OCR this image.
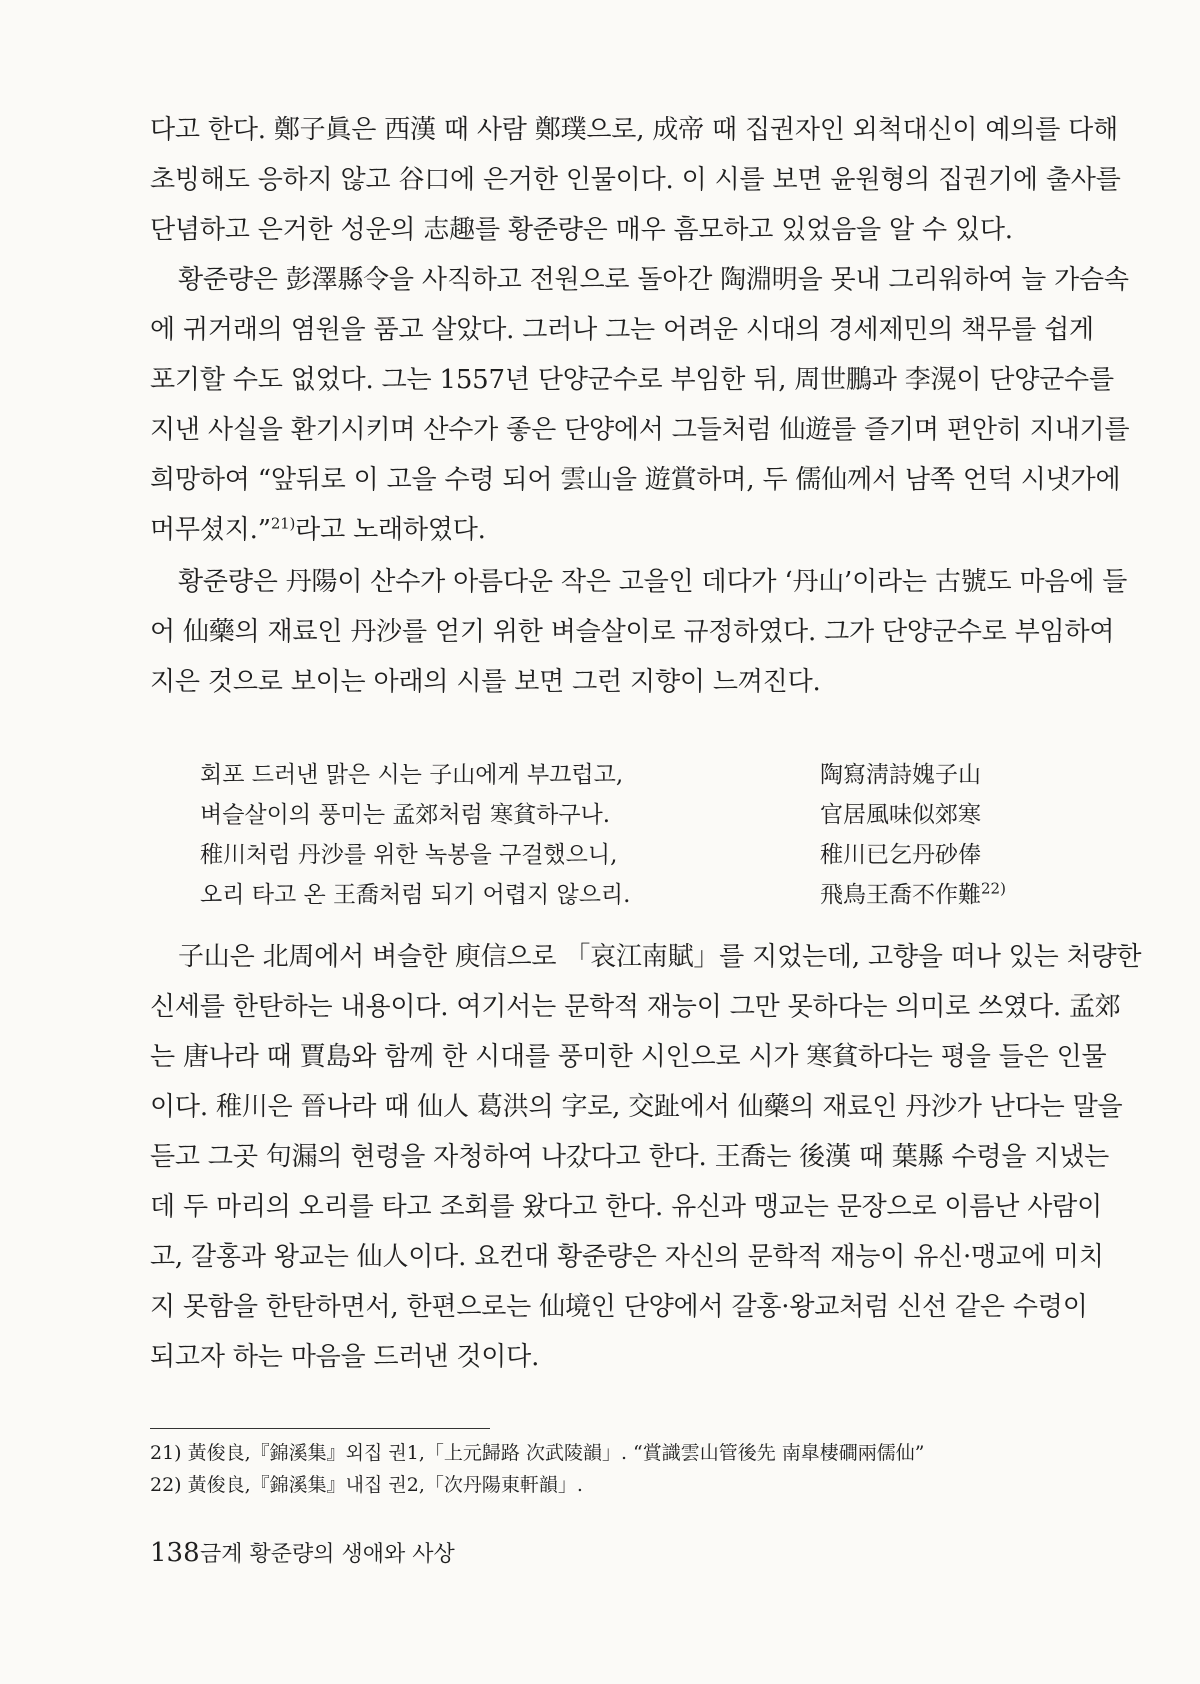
다고 한다. 鄭子眞은 西漢 때 사람 鄭璞으로, 成帝 때 집권자인 외척대신이 예의를 다해
초빙해도 응하지 않고 谷口에 은거한 인물이다. 이 시를 보면 윤원형의 집권기에 출사를
단념하고 은거한 성운의 志趣를 황준량은 매우 흠모하고 있었음을 알 수 있다.
황준량은 彭澤縣令을 사직하고 전원으로 돌아간 陶淵明을 못내 그리워하여 늘 가슴속
에 귀거래의 염원을 품고 살았다. 그러나 그는 어려운 시대의 경세제민의 책무를 쉽게
포기할 수도 없었다. 그는 1557년 단양군수로 부임한 뒤, 周世鵬과 李滉이 단양군수를
지낸 사실을 환기시키며 산수가 좋은 단양에서 그들처럼 仙遊를 즐기며 편안히 지내기를
희망하여 “앞뒤로 이 고을 수령 되어 雲山을 遊賞하며, 두 儒仙께서 남쪽 언덕 시냇가에
머무셨지.”$^{21)}$라고 노래하였다.
황준량은 丹陽이 산수가 아름다운 작은 고을인 데다가 ‘丹山’이라는 古號도 마음에 들
어 仙藥의 재료인 丹沙를 얻기 위한 벼슬살이로 규정하였다. 그가 단양군수로 부임하여
지은 것으로 보이는 아래의 시를 보면 그런 지향이 느껴진다.
회포 드러낸 맑은 시는 子山에게 부끄럽고,
벼슬살이의 풍미는 孟郊처럼 寒貧하구나.
稚川처럼 丹沙를 위한 녹봉을 구걸했으니,
오리 타고 온 王喬처럼 되기 어렵지 않으리.
陶寫淸詩媿子山
官居風味似郊寒
稚川已乞丹砂俸
飛鳥王喬不作難$^{22)}$
子山은 北周에서 벼슬한 庾信으로 「哀江南賦」를 지었는데, 고향을 떠나 있는 처량한
신세를 한탄하는 내용이다. 여기서는 문학적 재능이 그만 못하다는 의미로 쓰였다. 孟郊
는 唐나라 때 賈島와 함께 한 시대를 풍미한 시인으로 시가 寒貧하다는 평을 들은 인물
이다. 稚川은 晉나라 때 仙人 葛洪의 字로, 交趾에서 仙藥의 재료인 丹沙가 난다는 말을
듣고 그곳 句漏의 현령을 자청하여 나갔다고 한다. 王喬는 後漢 때 葉縣 수령을 지냈는
데 두 마리의 오리를 타고 조회를 왔다고 한다. 유신과 맹교는 문장으로 이름난 사람이
고, 갈홍과 왕교는 仙人이다. 요컨대 황준량은 자신의 문학적 재능이 유신·맹교에 미치
지 못함을 한탄하면서, 한편으로는 仙境인 단양에서 갈홍·왕교처럼 신선 같은 수령이
되고자 하는 마음을 드러낸 것이다.
21) 黃俊良,『錦溪集』외집 권1,「上元歸路 次武陵韻」. “賞識雲山管後先 南皐棲磵兩儒仙”
22) 黃俊良,『錦溪集』내집 권2,「次丹陽東軒韻」.
138 금계 황준량의 생애와 사상
